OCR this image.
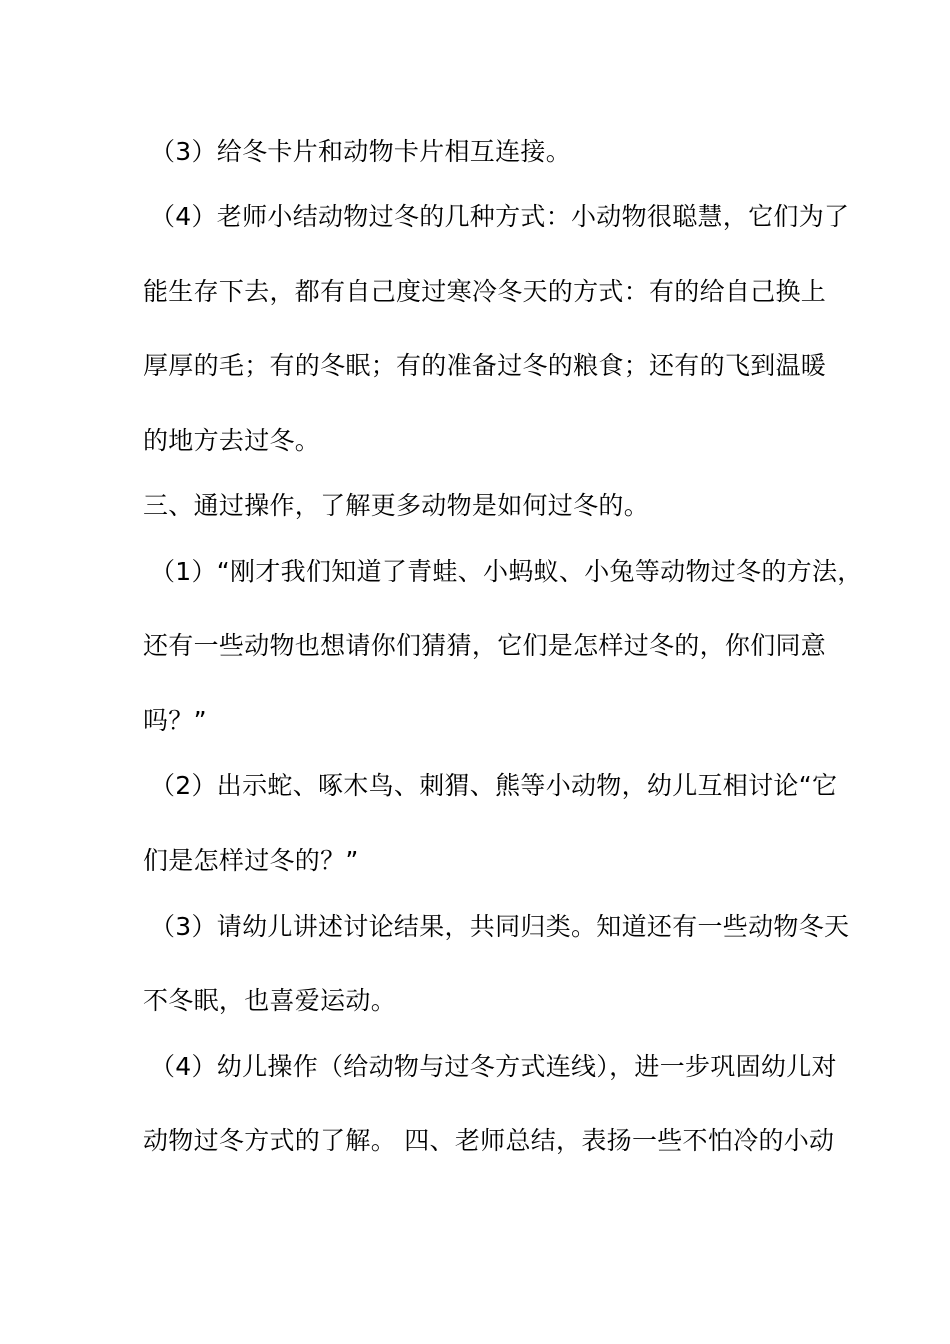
（3）给冬卡片和动物卡片相互连接。
（4）老师小结动物过冬的几种方式：小动物很聪慧，它们为了
能生存下去，都有自己度过寒冷冬天的方式：有的给自己换上
厚厚的毛；有的冬眠；有的准备过冬的粮食；还有的飞到温暖
的地方去过冬。
三、通过操作，了解更多动物是如何过冬的。
（1）“刚才我们知道了青蛙、小蚂蚁、小兔等动物过冬的方法，
还有一些动物也想请你们猜猜，它们是怎样过冬的，你们同意
吗？”
（2）出示蛇、啄木鸟、刺猬、熊等小动物，幼儿互相讨论“它
们是怎样过冬的？”
（3）请幼儿讲述讨论结果，共同归类。知道还有一些动物冬天
不冬眠，也喜爱运动。
（4）幼儿操作（给动物与过冬方式连线），进一步巩固幼儿对
动物过冬方式的了解。 四、老师总结，表扬一些不怕冷的小动
